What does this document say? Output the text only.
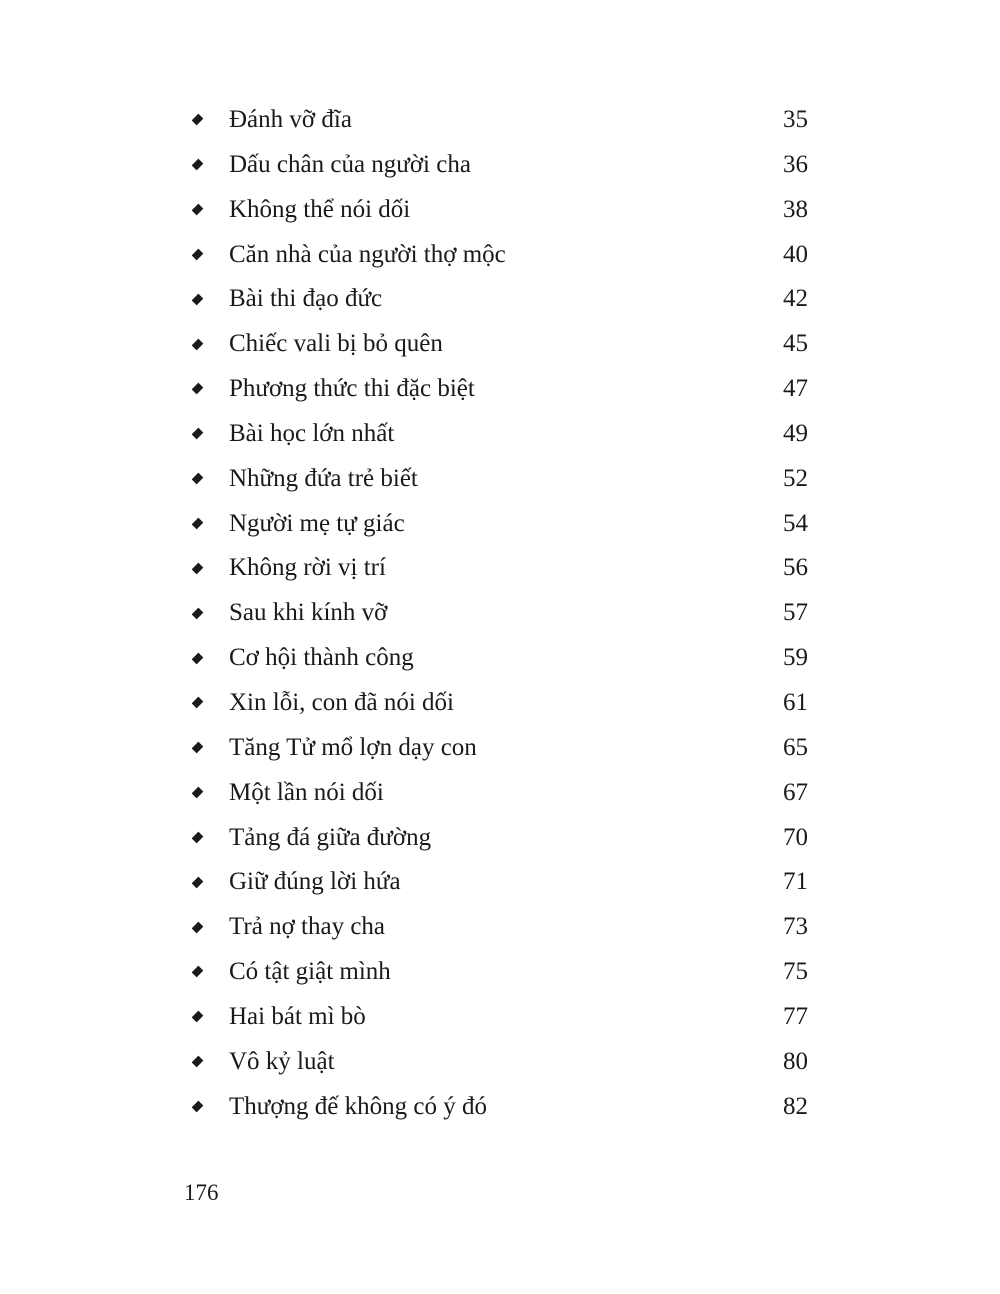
Đánh vỡ đĩa	35
Dấu chân của người cha	36
Không thể nói dối	38
Căn nhà của người thợ mộc	40
Bài thi đạo đức	42
Chiếc vali bị bỏ quên	45
Phương thức thi đặc biệt	47
Bài học lớn nhất	49
Những đứa trẻ biết	52
Người mẹ tự giác	54
Không rời vị trí	56
Sau khi kính vỡ	57
Cơ hội thành công	59
Xin lỗi, con đã nói dối	61
Tăng Tử mổ lợn dạy con	65
Một lần nói dối	67
Tảng đá giữa đường	70
Giữ đúng lời hứa	71
Trả nợ thay cha	73
Có tật giật mình	75
Hai bát mì bò	77
Vô kỷ luật	80
Thượng đế không có ý đó	82
176
